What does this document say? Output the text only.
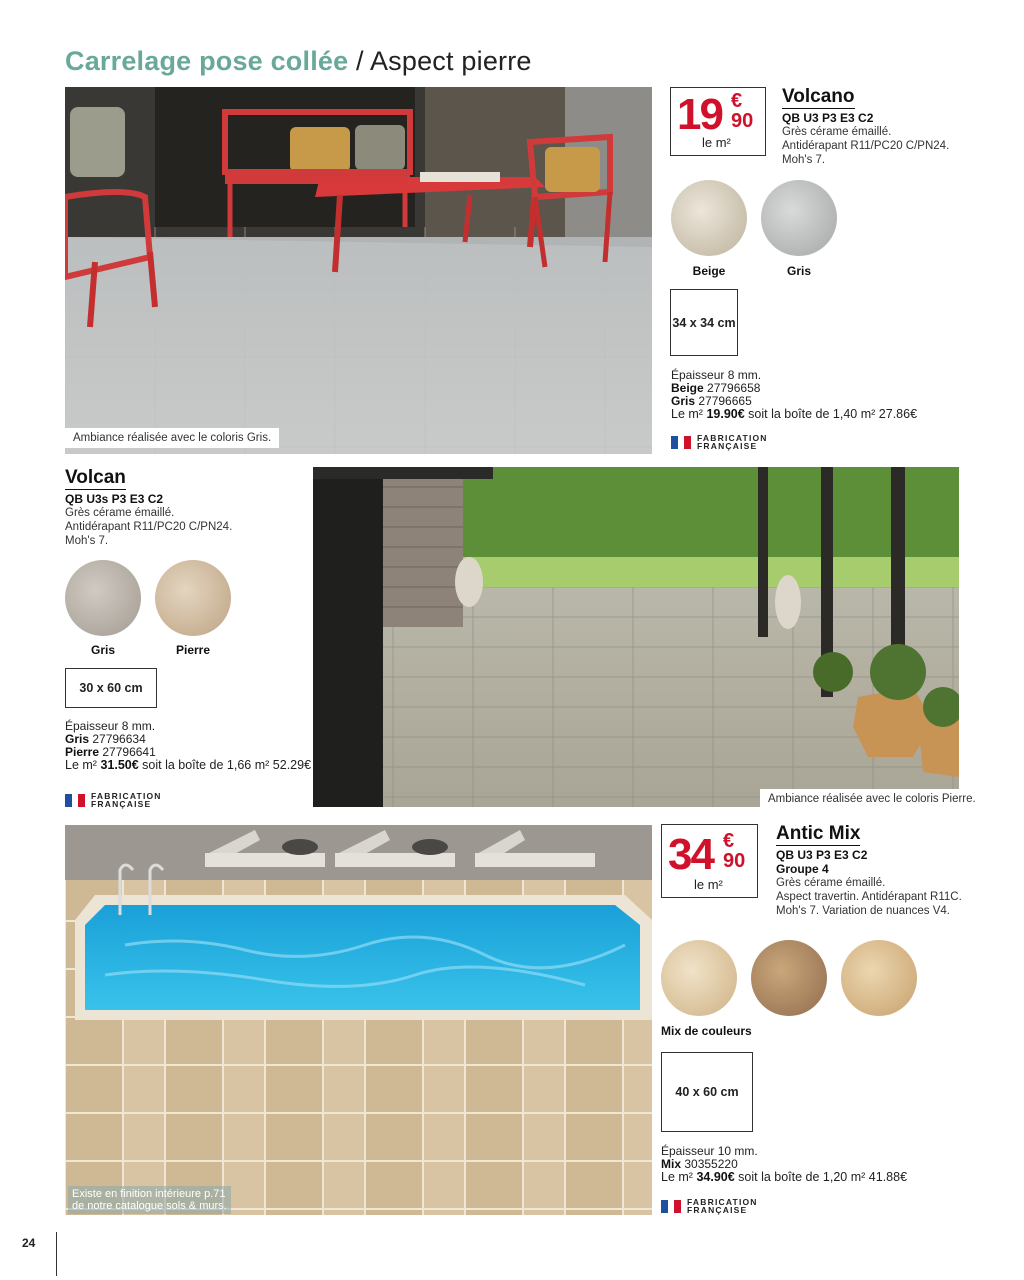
Carrelage pose collée / Aspect pierre
Ambiance réalisée avec le coloris Gris.
19 €
90
le m²
Volcano
QB U3 P3 E3 C2
Grès cérame émaillé.
Antidérapant R11/PC20 C/PN24.
Moh's 7.
Beige	Gris
34 x 34 cm
Épaisseur 8 mm.
Beige 27796658
Gris 27796665
Le m² 19.90€ soit la boîte de 1,40 m² 27.86€
FABRICATION
FRANÇAISE
Volcan
QB U3s P3 E3 C2
Grès cérame émaillé.
Antidérapant R11/PC20 C/PN24.
Moh's 7.
Gris	Pierre
30 x 60 cm
Épaisseur 8 mm.
Gris 27796634
Pierre 27796641
Le m² 31.50€ soit la boîte de 1,66 m² 52.29€
FABRICATION
FRANÇAISE	Ambiance réalisée avec le coloris Pierre.
Existe en finition intérieure p.71
de notre catalogue sols & murs.
34 €
90
le m²
Antic Mix
QB U3 P3 E3 C2
Groupe 4
Grès cérame émaillé.
Aspect travertin. Antidérapant R11C.
Moh's 7. Variation de nuances V4.
Mix de couleurs
40 x 60 cm
Épaisseur 10 mm.
Mix 30355220
Le m² 34.90€ soit la boîte de 1,20 m² 41.88€
FABRICATION
FRANÇAISE
24
